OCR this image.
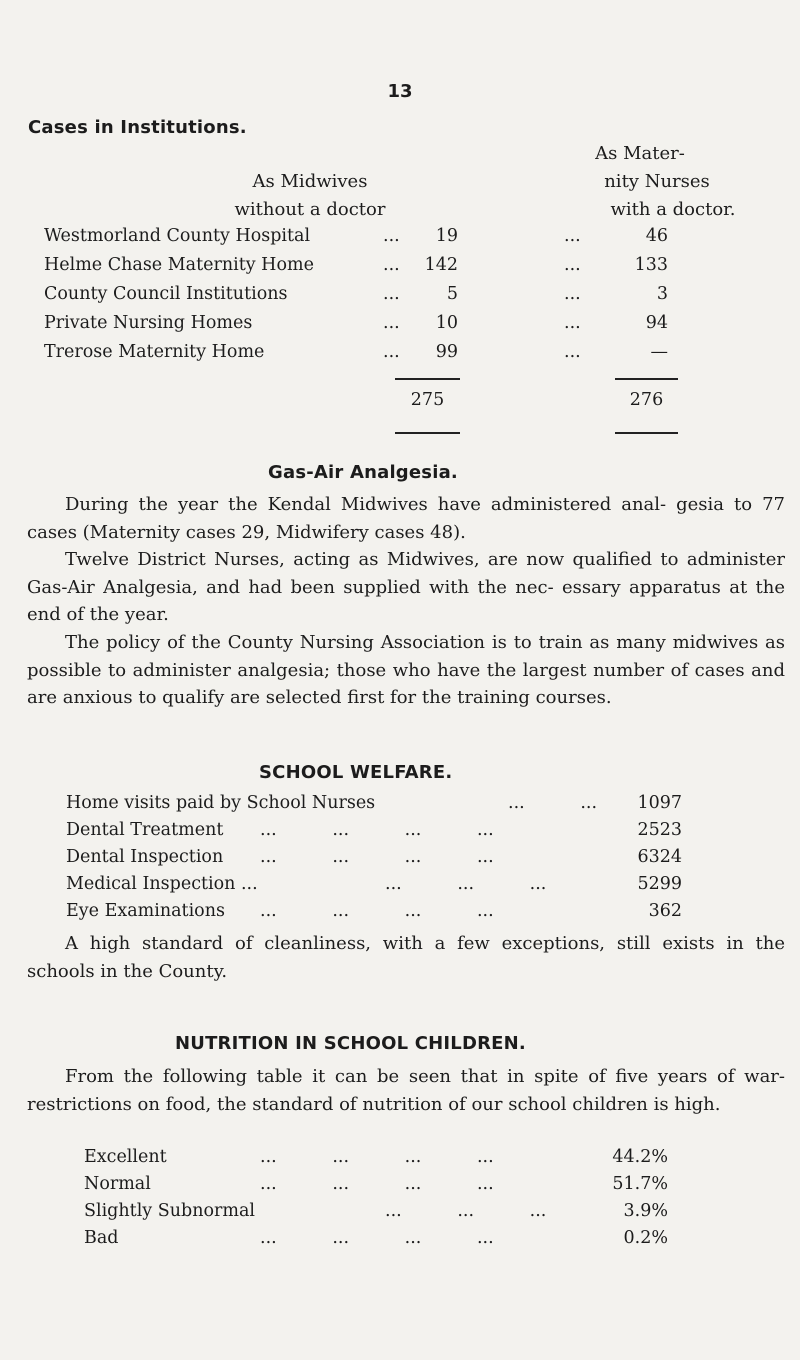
13
Cases in Institutions.
As Mater-
As Midwives	nity Nurses
without a doctor	with a doctor.
Westmorland County Hospital	...	19	...	46
Helme Chase Maternity Home	... 142	...	133
County Council Institutions	...	5	...	3
Private Nursing Homes	...	10	...	94
Trerose Maternity Home	...	99	...	—
275	276
Gas-Air Analgesia.
During the year the Kendal Midwives have administered anal- gesia to 77 cases (Maternity cases 29, Midwifery cases 48).
Twelve District Nurses, acting as Midwives, are now qualified to administer Gas-Air Analgesia, and had been supplied with the nec- essary apparatus at the end of the year.
The policy of the County Nursing Association is to train as many midwives as possible to administer analgesia; those who have the largest number of cases and are anxious to qualify are selected first for the training courses.
SCHOOL WELFARE.
Home visits paid by School Nurses	...          ...	1097
Dental Treatment ...          ...          ...          ...	2523
Dental Inspection ...          ...          ...          ...	6324
Medical Inspection ...	...          ...          ...	5299
Eye Examinations ...          ...          ...          ...	362
A high standard of cleanliness, with a few exceptions, still exists in the schools in the County.
NUTRITION IN SCHOOL CHILDREN.
From the following table it can be seen that in spite of five years of war-restrictions on food, the standard of nutrition of our school children is high.
Excellent	...          ...          ...          ...	44.2%
Normal	...          ...          ...          ...	51.7%
Slightly Subnormal	...          ...          ...	3.9%
Bad	...          ...          ...          ...	0.2%
